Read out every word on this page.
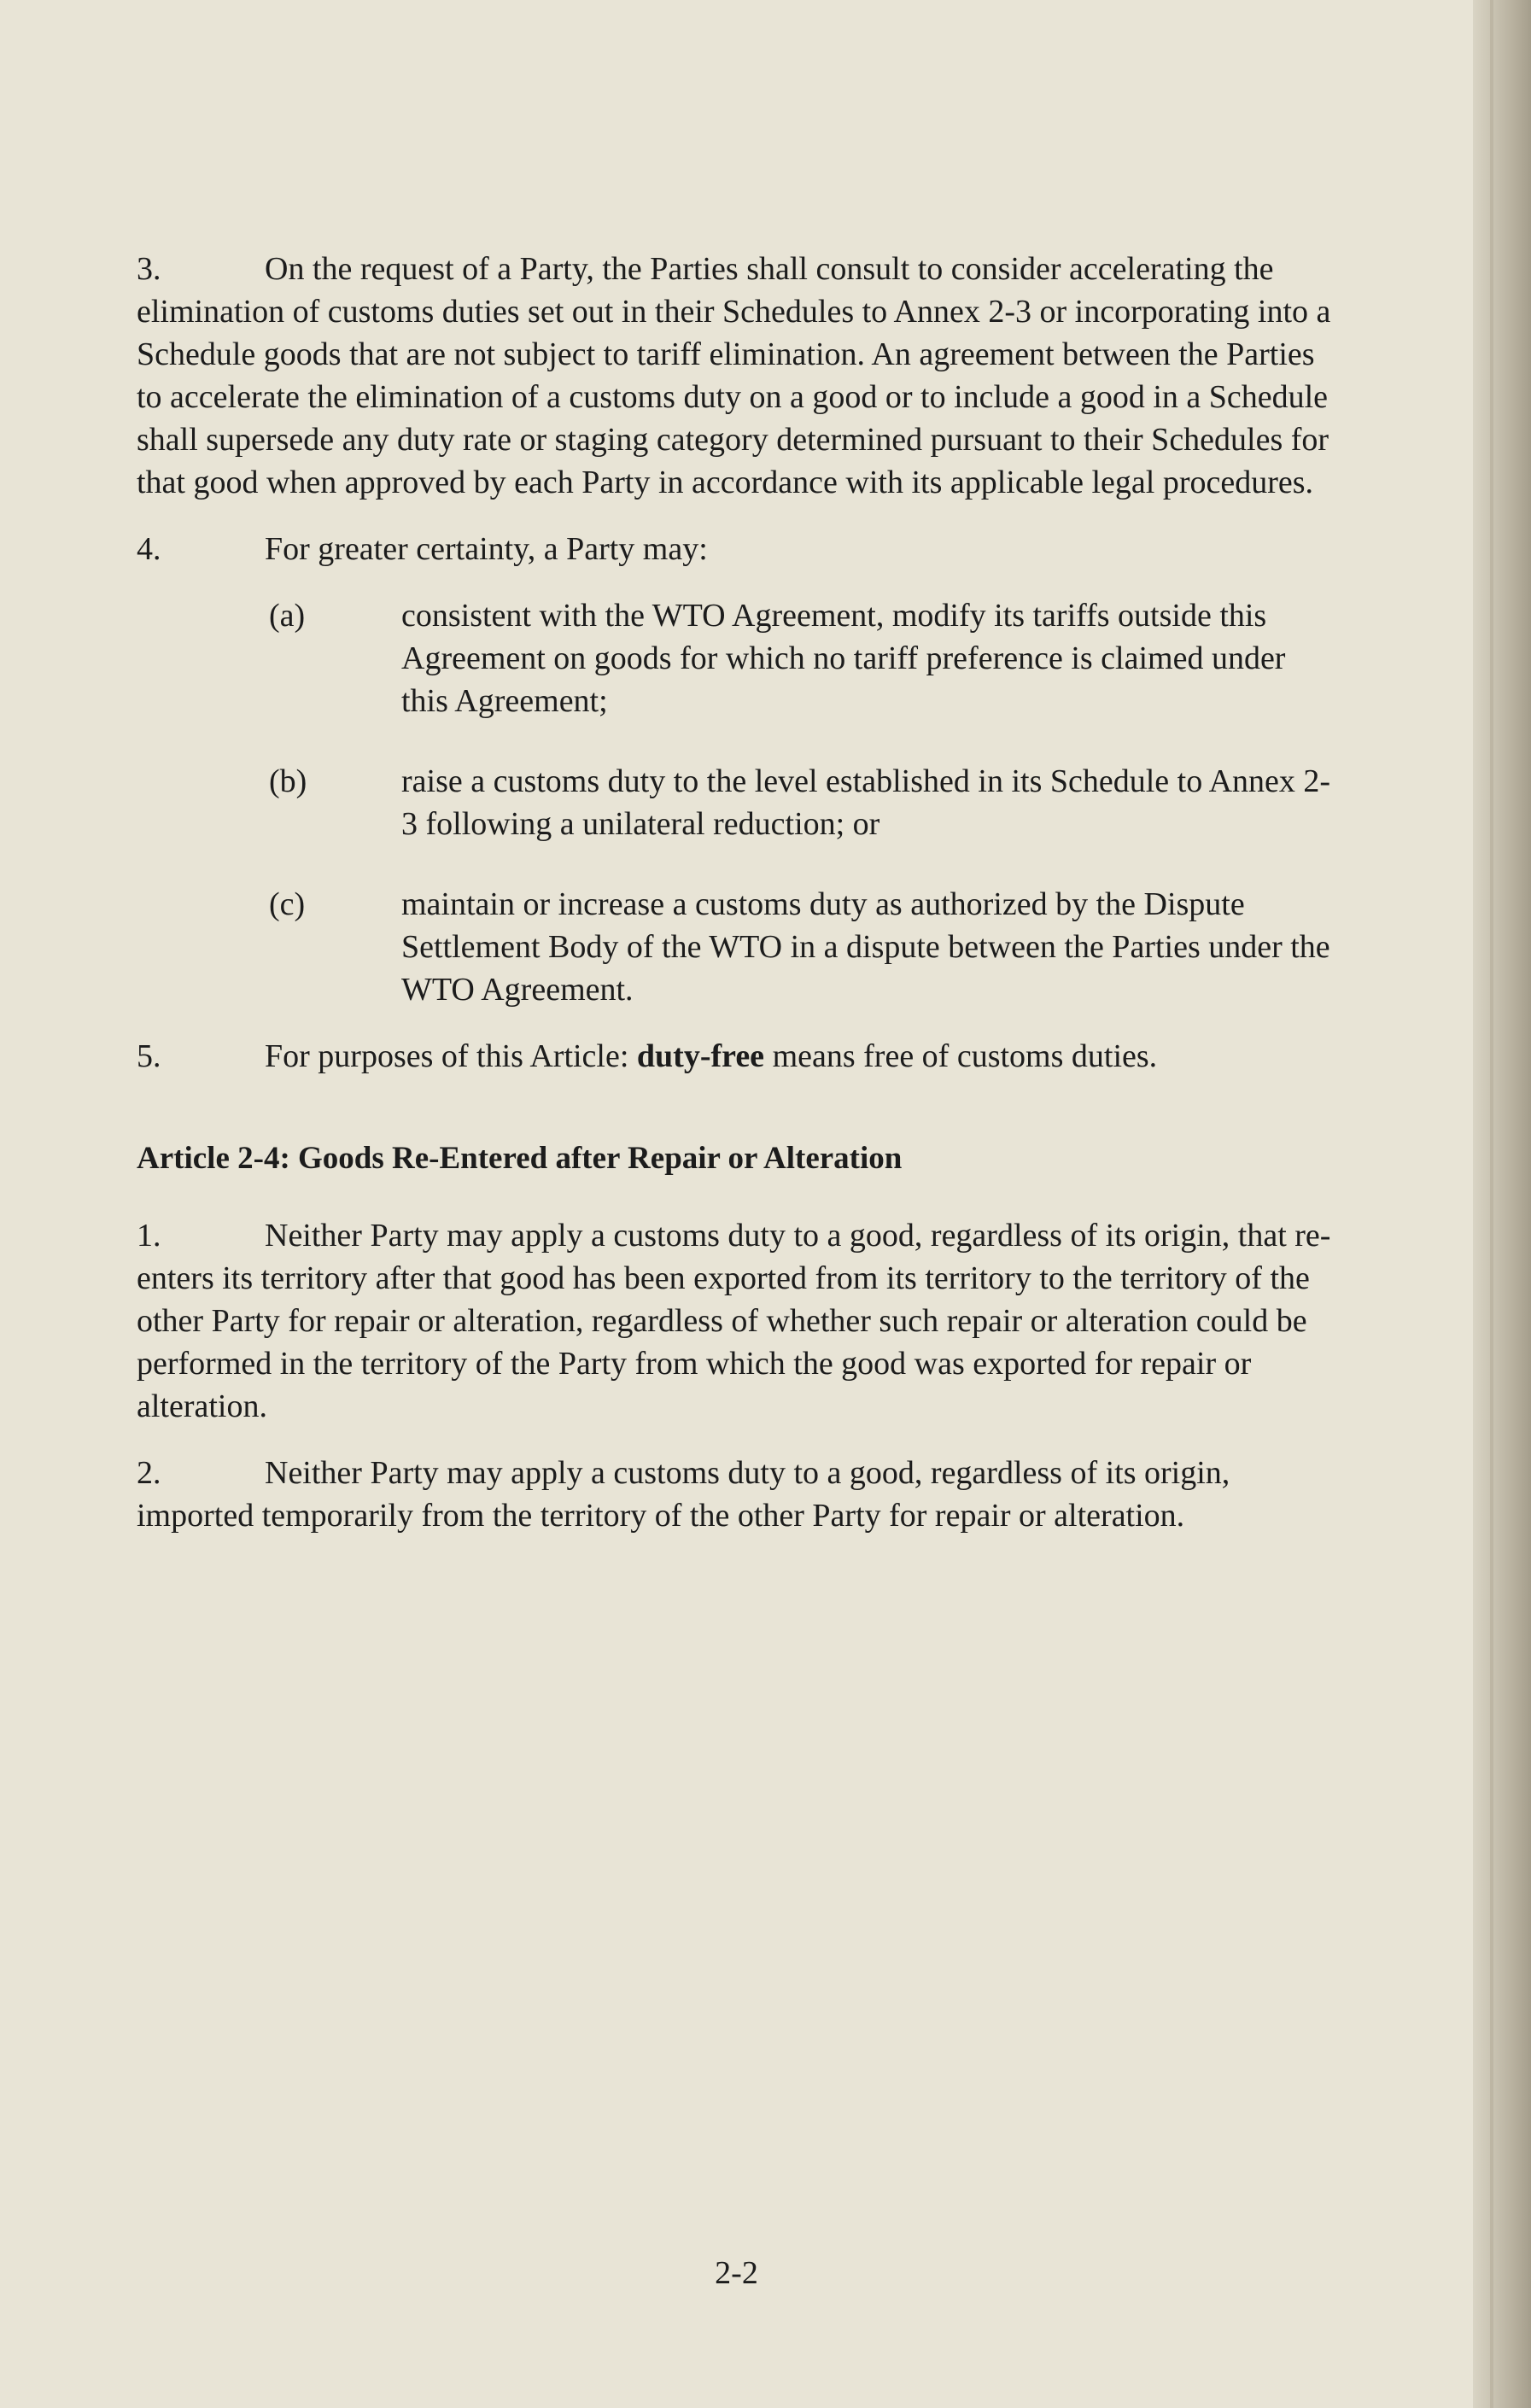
3.	On the request of a Party, the Parties shall consult to consider accelerating the elimination of customs duties set out in their Schedules to Annex 2-3 or incorporating into a Schedule goods that are not subject to tariff elimination. An agreement between the Parties to accelerate the elimination of a customs duty on a good or to include a good in a Schedule shall supersede any duty rate or staging category determined pursuant to their Schedules for that good when approved by each Party in accordance with its applicable legal procedures.

4.	For greater certainty, a Party may:

(a)	consistent with the WTO Agreement, modify its tariffs outside this Agreement on goods for which no tariff preference is claimed under this Agreement;
(b)	raise a customs duty to the level established in its Schedule to Annex 2-3 following a unilateral reduction; or
(c)	maintain or increase a customs duty as authorized by the Dispute Settlement Body of the WTO in a dispute between the Parties under the WTO Agreement.

5.	For purposes of this Article: duty-free means free of customs duties.

Article 2-4: Goods Re-Entered after Repair or Alteration

1.	Neither Party may apply a customs duty to a good, regardless of its origin, that re-enters its territory after that good has been exported from its territory to the territory of the other Party for repair or alteration, regardless of whether such repair or alteration could be performed in the territory of the Party from which the good was exported for repair or alteration.

2.	Neither Party may apply a customs duty to a good, regardless of its origin, imported temporarily from the territory of the other Party for repair or alteration.

2-2
